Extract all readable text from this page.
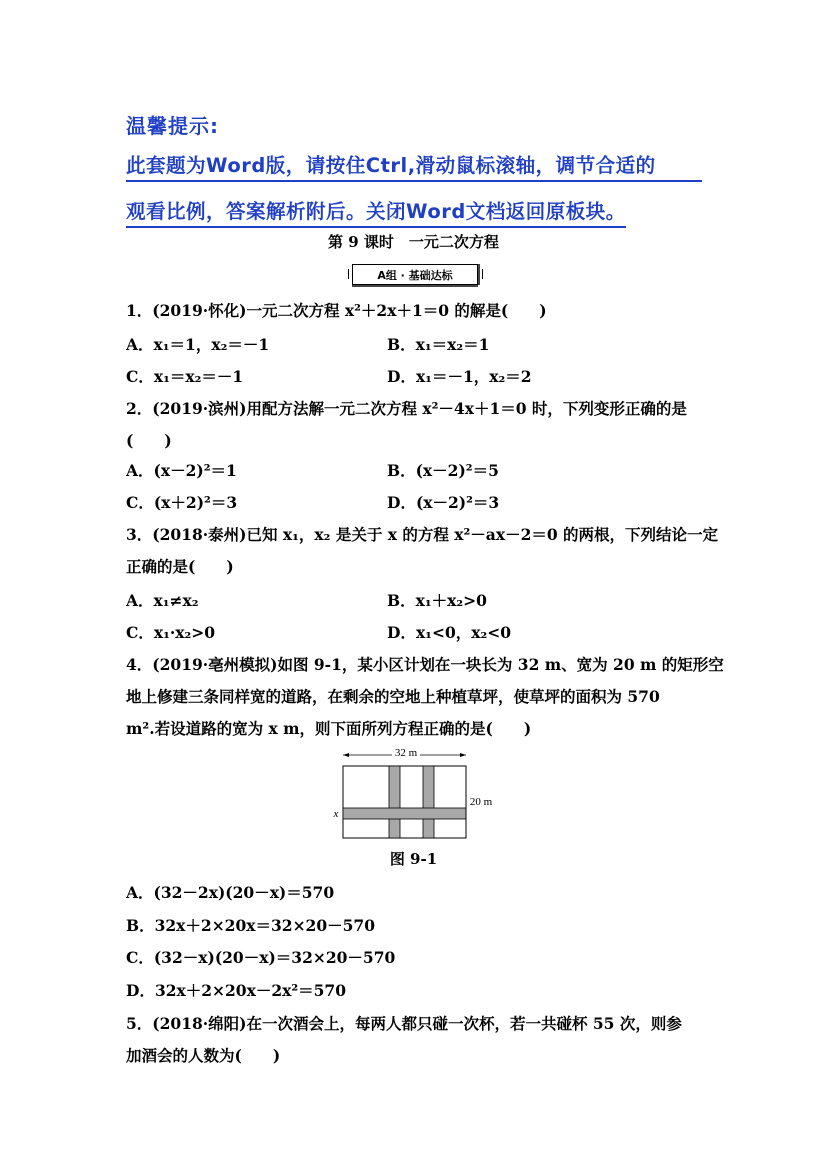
温馨提示:
此套题为Word版，请按住Ctrl,滑动鼠标滚轴，调节合适的
观看比例，答案解析附后。关闭Word文档返回原板块。
第 9 课时　一元二次方程
A组 · 基础达标
1．(2019·怀化)一元二次方程 x²＋2x＋1＝0 的解是(　　)
A．x₁＝1，x₂＝－1	B．x₁＝x₂＝1
C．x₁＝x₂＝－1	D．x₁＝－1，x₂＝2
2．(2019·滨州)用配方法解一元二次方程 x²－4x＋1＝0 时，下列变形正确的是
(　　)
A．(x－2)²＝1	B．(x－2)²＝5
C．(x＋2)²＝3	D．(x－2)²＝3
3．(2018·泰州)已知 x₁，x₂ 是关于 x 的方程 x²－ax－2＝0 的两根，下列结论一定
正确的是(　　)
A．x₁≠x₂	B．x₁＋x₂>0
C．x₁·x₂>0	D．x₁<0，x₂<0
4．(2019·亳州模拟)如图 9-1，某小区计划在一块长为 32 m、宽为 20 m 的矩形空
地上修建三条同样宽的道路，在剩余的空地上种植草坪，使草坪的面积为 570
m².若设道路的宽为 x m，则下面所列方程正确的是(　　)
32 m
20 m
x
图 9-1
A．(32－2x)(20－x)＝570
B．32x＋2×20x＝32×20－570
C．(32－x)(20－x)＝32×20－570
D．32x＋2×20x－2x²＝570
5．(2018·绵阳)在一次酒会上，每两人都只碰一次杯，若一共碰杯 55 次，则参
加酒会的人数为(　　)
